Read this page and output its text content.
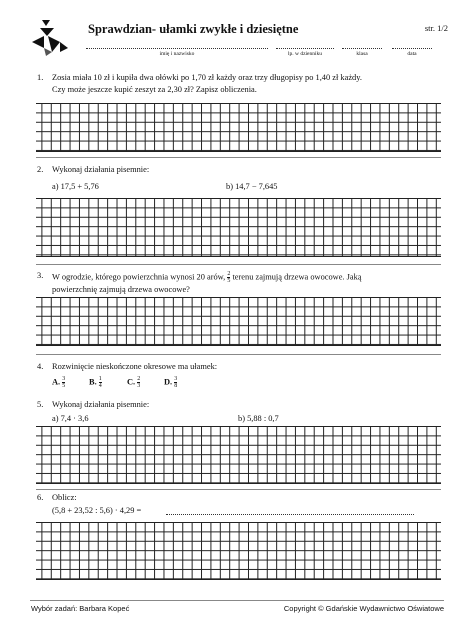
Sprawdzian- ułamki zwykłe i dziesiętne	str. 1/2
imię i nazwisko	lp. w dzienniku	klasa	data
1. Zosia miała 10 zł i kupiła dwa ołówki po 1,70 zł każdy oraz trzy długopisy po 1,40 zł każdy.
Czy może jeszcze kupić zeszyt za 2,30 zł? Zapisz obliczenia.
2. Wykonaj działania pisemnie:
a) 17,5 + 5,76	b) 14,7 − 7,645
3. W ogrodzie, którego powierzchnia wynosi 20 arów, $\frac{2}{5}$ terenu zajmują drzewa owocowe. Jaką
powierzchnię zajmują drzewa owocowe?
4. Rozwinięcie nieskończone okresowe ma ułamek:
A. $\frac{3}{5}$	B. $\frac{1}{4}$	C. $\frac{2}{3}$	D. $\frac{3}{8}$
5. Wykonaj działania pisemnie:
a) 7,4 · 3,6	b) 5,88 : 0,7
6. Oblicz:
(5,8 + 23,52 : 5,6) · 4,29 =
Wybór zadań: Barbara Kopeć	Copyright © Gdańskie Wydawnictwo Oświatowe
